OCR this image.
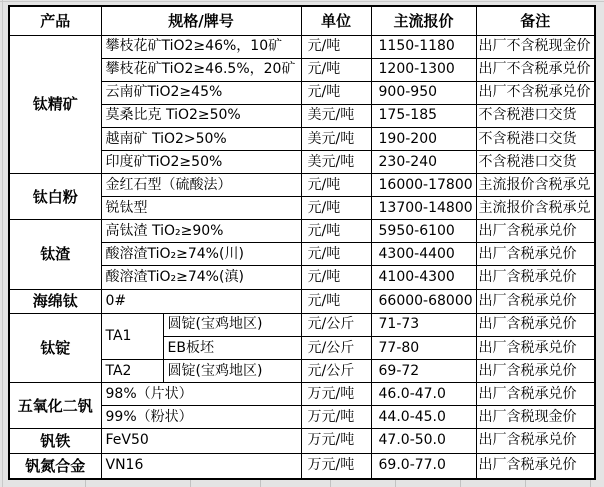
产品	规格/牌号		单位	主流报价	备注
钛精矿	攀枝花矿TiO2≥46%，10矿		元/吨	1150-1180	出厂不含税现金价
	攀枝花矿TiO2≥46.5%，20矿		元/吨	1200-1300	出厂不含税承兑价
	云南矿TiO2≥45%		元/吨	900-950	出厂不含税承兑价
	莫桑比克 TiO2≥50%		美元/吨	175-185	不含税港口交货
	越南矿 TiO2>50%		美元/吨	190-200	不含税港口交货
	印度矿TiO2≥50%		美元/吨	230-240	不含税港口交货
钛白粉	金红石型（硫酸法）		元/吨	16000-17800	主流报价含税承兑
	锐钛型		元/吨	13700-14800	主流报价含税承兑
钛渣	高钛渣 TiO₂≥90%		元/吨	5950-6100	出厂含税承兑价
	酸溶渣TiO₂≥74%(川)		元/吨	4300-4400	出厂含税承兑价
	酸溶渣TiO₂≥74%(滇)		元/吨	4100-4300	出厂含税承兑价
海绵钛	0#		元/吨	66000-68000	出厂含税承兑价
钛锭	TA1	圆锭(宝鸡地区)	元/公斤	71-73	出厂含税承兑价
		EB板坯	元/公斤	77-80	出厂含税承兑价
	TA2	圆锭(宝鸡地区)	元/公斤	69-72	出厂含税承兑价
五氧化二钒	98%（片状）		万元/吨	46.0-47.0	出厂含税承兑价
	99%（粉状）		万元/吨	44.0-45.0	出厂含税现金价
钒铁	FeV50		万元/吨	47.0-50.0	出厂含税承兑价
钒氮合金	VN16		万元/吨	69.0-77.0	出厂含税承兑价
